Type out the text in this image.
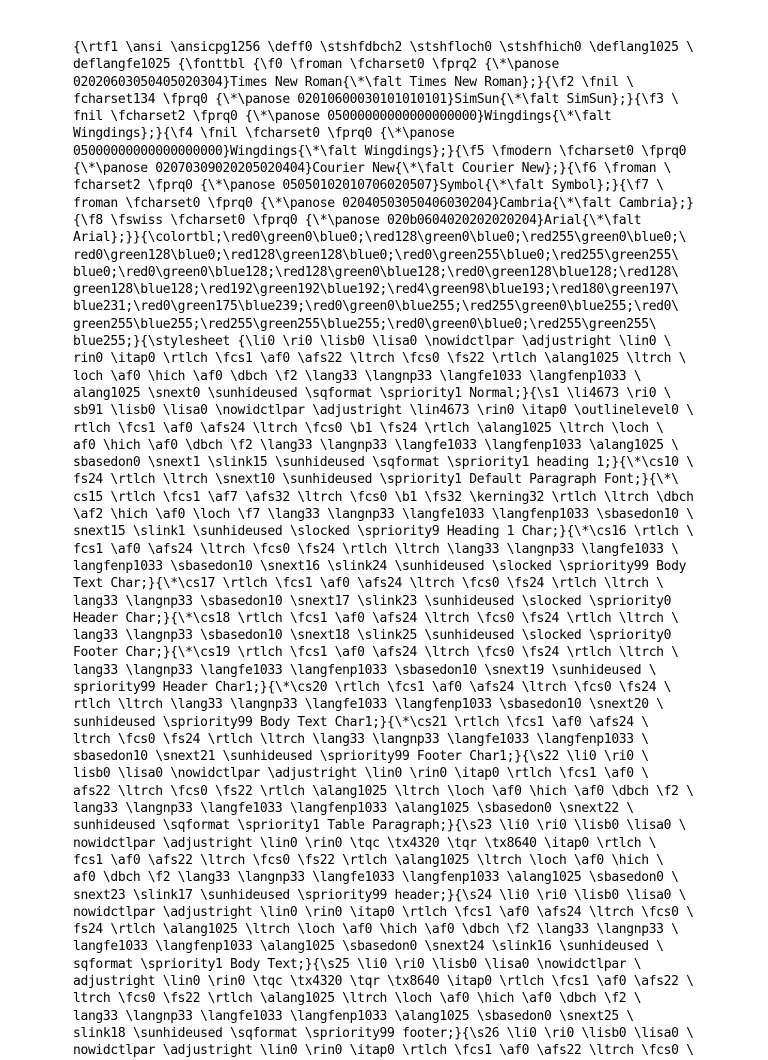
{\rtf1 \ansi \ansicpg1256 \deff0 \stshfdbch2 \stshfloch0 \stshfhich0 \deflang1025 \
deflangfe1025 {\fonttbl {\f0 \froman \fcharset0 \fprq2 {\*\panose
02020603050405020304}Times New Roman{\*\falt Times New Roman};}{\f2 \fnil \
fcharset134 \fprq0 {\*\panose 02010600030101010101}SimSun{\*\falt SimSun};}{\f3 \
fnil \fcharset2 \fprq0 {\*\panose 05000000000000000000}Wingdings{\*\falt
Wingdings};}{\f4 \fnil \fcharset0 \fprq0 {\*\panose
05000000000000000000}Wingdings{\*\falt Wingdings};}{\f5 \fmodern \fcharset0 \fprq0
{\*\panose 02070309020205020404}Courier New{\*\falt Courier New};}{\f6 \froman \
fcharset2 \fprq0 {\*\panose 05050102010706020507}Symbol{\*\falt Symbol};}{\f7 \
froman \fcharset0 \fprq0 {\*\panose 02040503050406030204}Cambria{\*\falt Cambria};}
{\f8 \fswiss \fcharset0 \fprq0 {\*\panose 020b0604020202020204}Arial{\*\falt
Arial};}}{\colortbl;\red0\green0\blue0;\red128\green0\blue0;\red255\green0\blue0;\
red0\green128\blue0;\red128\green128\blue0;\red0\green255\blue0;\red255\green255\
blue0;\red0\green0\blue128;\red128\green0\blue128;\red0\green128\blue128;\red128\
green128\blue128;\red192\green192\blue192;\red4\green98\blue193;\red180\green197\
blue231;\red0\green175\blue239;\red0\green0\blue255;\red255\green0\blue255;\red0\
green255\blue255;\red255\green255\blue255;\red0\green0\blue0;\red255\green255\
blue255;}{\stylesheet {\li0 \ri0 \lisb0 \lisa0 \nowidctlpar \adjustright \lin0 \
rin0 \itap0 \rtlch \fcs1 \af0 \afs22 \ltrch \fcs0 \fs22 \rtlch \alang1025 \ltrch \
loch \af0 \hich \af0 \dbch \f2 \lang33 \langnp33 \langfe1033 \langfenp1033 \
alang1025 \snext0 \sunhideused \sqformat \spriority1 Normal;}{\s1 \li4673 \ri0 \
sb91 \lisb0 \lisa0 \nowidctlpar \adjustright \lin4673 \rin0 \itap0 \outlinelevel0 \
rtlch \fcs1 \af0 \afs24 \ltrch \fcs0 \b1 \fs24 \rtlch \alang1025 \ltrch \loch \
af0 \hich \af0 \dbch \f2 \lang33 \langnp33 \langfe1033 \langfenp1033 \alang1025 \
sbasedon0 \snext1 \slink15 \sunhideused \sqformat \spriority1 heading 1;}{\*\cs10 \
fs24 \rtlch \ltrch \snext10 \sunhideused \spriority1 Default Paragraph Font;}{\*\
cs15 \rtlch \fcs1 \af7 \afs32 \ltrch \fcs0 \b1 \fs32 \kerning32 \rtlch \ltrch \dbch
\af2 \hich \af0 \loch \f7 \lang33 \langnp33 \langfe1033 \langfenp1033 \sbasedon10 \
snext15 \slink1 \sunhideused \slocked \spriority9 Heading 1 Char;}{\*\cs16 \rtlch \
fcs1 \af0 \afs24 \ltrch \fcs0 \fs24 \rtlch \ltrch \lang33 \langnp33 \langfe1033 \
langfenp1033 \sbasedon10 \snext16 \slink24 \sunhideused \slocked \spriority99 Body
Text Char;}{\*\cs17 \rtlch \fcs1 \af0 \afs24 \ltrch \fcs0 \fs24 \rtlch \ltrch \
lang33 \langnp33 \sbasedon10 \snext17 \slink23 \sunhideused \slocked \spriority0
Header Char;}{\*\cs18 \rtlch \fcs1 \af0 \afs24 \ltrch \fcs0 \fs24 \rtlch \ltrch \
lang33 \langnp33 \sbasedon10 \snext18 \slink25 \sunhideused \slocked \spriority0
Footer Char;}{\*\cs19 \rtlch \fcs1 \af0 \afs24 \ltrch \fcs0 \fs24 \rtlch \ltrch \
lang33 \langnp33 \langfe1033 \langfenp1033 \sbasedon10 \snext19 \sunhideused \
spriority99 Header Char1;}{\*\cs20 \rtlch \fcs1 \af0 \afs24 \ltrch \fcs0 \fs24 \
rtlch \ltrch \lang33 \langnp33 \langfe1033 \langfenp1033 \sbasedon10 \snext20 \
sunhideused \spriority99 Body Text Char1;}{\*\cs21 \rtlch \fcs1 \af0 \afs24 \
ltrch \fcs0 \fs24 \rtlch \ltrch \lang33 \langnp33 \langfe1033 \langfenp1033 \
sbasedon10 \snext21 \sunhideused \spriority99 Footer Char1;}{\s22 \li0 \ri0 \
lisb0 \lisa0 \nowidctlpar \adjustright \lin0 \rin0 \itap0 \rtlch \fcs1 \af0 \
afs22 \ltrch \fcs0 \fs22 \rtlch \alang1025 \ltrch \loch \af0 \hich \af0 \dbch \f2 \
lang33 \langnp33 \langfe1033 \langfenp1033 \alang1025 \sbasedon0 \snext22 \
sunhideused \sqformat \spriority1 Table Paragraph;}{\s23 \li0 \ri0 \lisb0 \lisa0 \
nowidctlpar \adjustright \lin0 \rin0 \tqc \tx4320 \tqr \tx8640 \itap0 \rtlch \
fcs1 \af0 \afs22 \ltrch \fcs0 \fs22 \rtlch \alang1025 \ltrch \loch \af0 \hich \
af0 \dbch \f2 \lang33 \langnp33 \langfe1033 \langfenp1033 \alang1025 \sbasedon0 \
snext23 \slink17 \sunhideused \spriority99 header;}{\s24 \li0 \ri0 \lisb0 \lisa0 \
nowidctlpar \adjustright \lin0 \rin0 \itap0 \rtlch \fcs1 \af0 \afs24 \ltrch \fcs0 \
fs24 \rtlch \alang1025 \ltrch \loch \af0 \hich \af0 \dbch \f2 \lang33 \langnp33 \
langfe1033 \langfenp1033 \alang1025 \sbasedon0 \snext24 \slink16 \sunhideused \
sqformat \spriority1 Body Text;}{\s25 \li0 \ri0 \lisb0 \lisa0 \nowidctlpar \
adjustright \lin0 \rin0 \tqc \tx4320 \tqr \tx8640 \itap0 \rtlch \fcs1 \af0 \afs22 \
ltrch \fcs0 \fs22 \rtlch \alang1025 \ltrch \loch \af0 \hich \af0 \dbch \f2 \
lang33 \langnp33 \langfe1033 \langfenp1033 \alang1025 \sbasedon0 \snext25 \
slink18 \sunhideused \sqformat \spriority99 footer;}{\s26 \li0 \ri0 \lisb0 \lisa0 \
nowidctlpar \adjustright \lin0 \rin0 \itap0 \rtlch \fcs1 \af0 \afs22 \ltrch \fcs0 \
